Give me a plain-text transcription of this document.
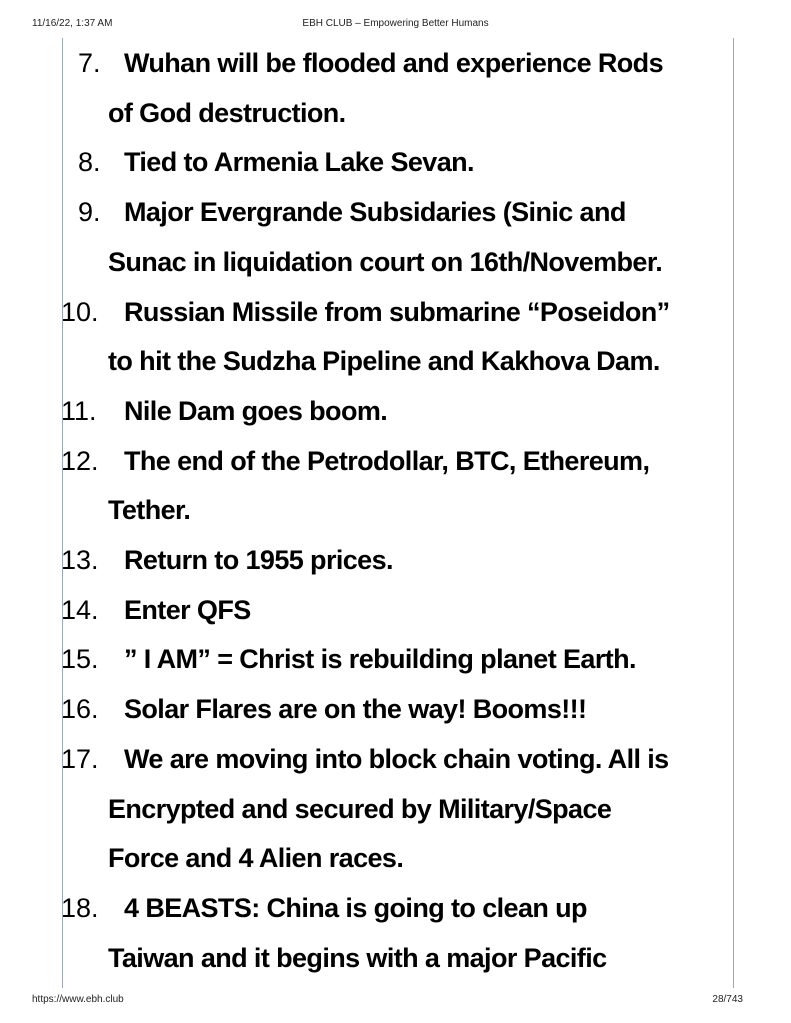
11/16/22, 1:37 AM	EBH CLUB – Empowering Better Humans
7. Wuhan will be flooded and experience Rods
of God destruction.
8. Tied to Armenia Lake Sevan.
9. Major Evergrande Subsidaries (Sinic and
Sunac in liquidation court on 16th/November.
10. Russian Missile from submarine “Poseidon”
to hit the Sudzha Pipeline and Kakhova Dam.
11. Nile Dam goes boom.
12. The end of the Petrodollar, BTC, Ethereum,
Tether.
13. Return to 1955 prices.
14. Enter QFS
15. ” I AM” = Christ is rebuilding planet Earth.
16. Solar Flares are on the way! Booms!!!
17. We are moving into block chain voting. All is
Encrypted and secured by Military/Space
Force and 4 Alien races.
18. 4 BEASTS: China is going to clean up
Taiwan and it begins with a major Pacific
https://www.ebh.club	28/743
